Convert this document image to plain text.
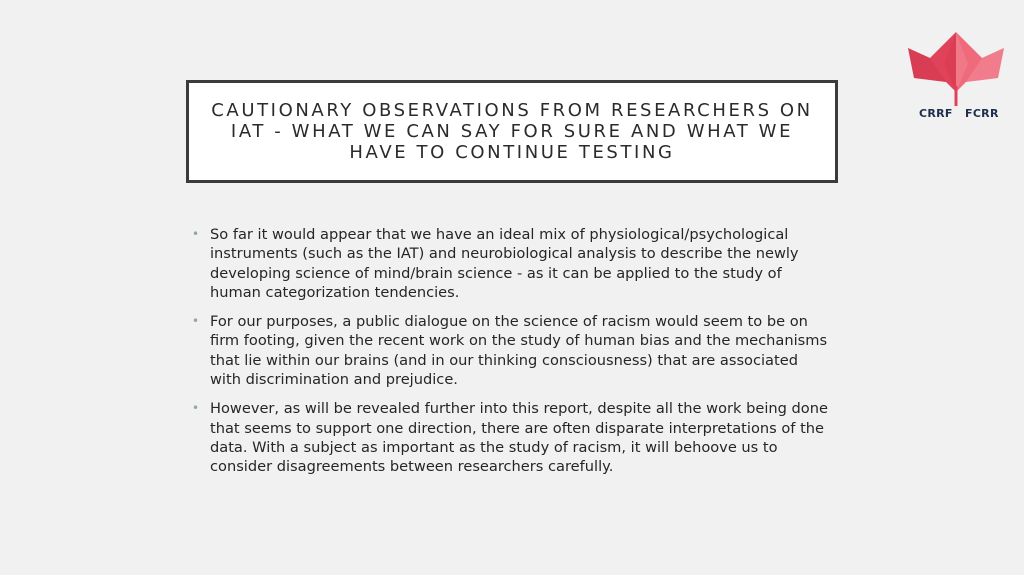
CAUTIONARY OBSERVATIONS FROM RESEARCHERS ON IAT - WHAT WE CAN SAY FOR SURE AND WHAT WE HAVE TO CONTINUE TESTING
CRRF FCRR
• So far it would appear that we have an ideal mix of physiological/psychological instruments (such as the IAT) and neurobiological analysis to describe the newly developing science of mind/brain science - as it can be applied to the study of human categorization tendencies.
• For our purposes, a public dialogue on the science of racism would seem to be on firm footing, given the recent work on the study of human bias and the mechanisms that lie within our brains (and in our thinking consciousness) that are associated with discrimination and prejudice.
• However, as will be revealed further into this report, despite all the work being done that seems to support one direction, there are often disparate interpretations of the data. With a subject as important as the study of racism, it will behoove us to consider disagreements between researchers carefully.
